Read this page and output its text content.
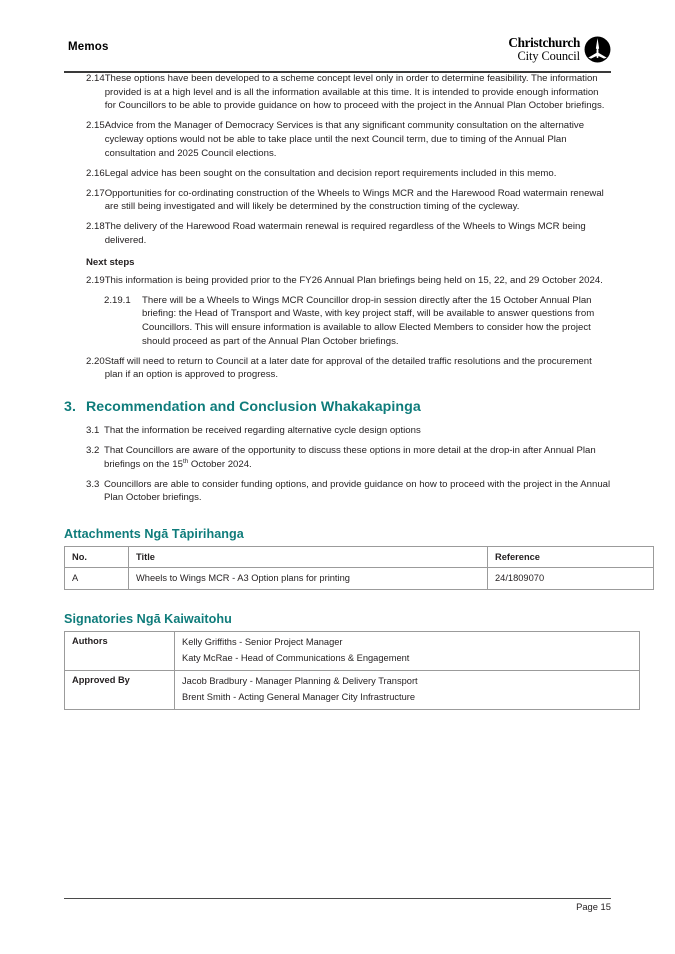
Memos	Christchurch
City Council
2.14 These options have been developed to a scheme concept level only in order to determine feasibility. The information provided is at a high level and is all the information available at this time. It is intended to provide enough information for Councillors to be able to provide guidance on how to proceed with the project in the Annual Plan October briefings.
2.15 Advice from the Manager of Democracy Services is that any significant community consultation on the alternative cycleway options would not be able to take place until the next Council term, due to timing of the Annual Plan consultation and 2025 Council elections.
2.16 Legal advice has been sought on the consultation and decision report requirements included in this memo.
2.17 Opportunities for co-ordinating construction of the Wheels to Wings MCR and the Harewood Road watermain renewal are still being investigated and will likely be determined by the construction timing of the cycleway.
2.18 The delivery of the Harewood Road watermain renewal is required regardless of the Wheels to Wings MCR being delivered.
Next steps
2.19 This information is being provided prior to the FY26 Annual Plan briefings being held on 15, 22, and 29 October 2024.
2.19.1	There will be a Wheels to Wings MCR Councillor drop-in session directly after the 15 October Annual Plan briefing: the Head of Transport and Waste, with key project staff, will be available to answer questions from Councillors. This will ensure information is available to allow Elected Members to consider how the project should proceed as part of the Annual Plan October briefings.
2.20 Staff will need to return to Council at a later date for approval of the detailed traffic resolutions and the procurement plan if an option is approved to progress.
3. Recommendation and Conclusion Whakakapinga
3.1 That the information be received regarding alternative cycle design options
3.2 That Councillors are aware of the opportunity to discuss these options in more detail at the drop-in after Annual Plan briefings on the 15th October 2024.
3.3 Councillors are able to consider funding options, and provide guidance on how to proceed with the project in the Annual Plan October briefings.
Attachments Ngā Tāpirihanga
No.	Title	Reference
A	Wheels to Wings MCR - A3 Option plans for printing	24/1809070
Signatories Ngā Kaiwaitohu
Authors	Kelly Griffiths - Senior Project Manager
Katy McRae - Head of Communications & Engagement

Approved By	Jacob Bradbury - Manager Planning & Delivery Transport
Brent Smith - Acting General Manager City Infrastructure
Page 15
